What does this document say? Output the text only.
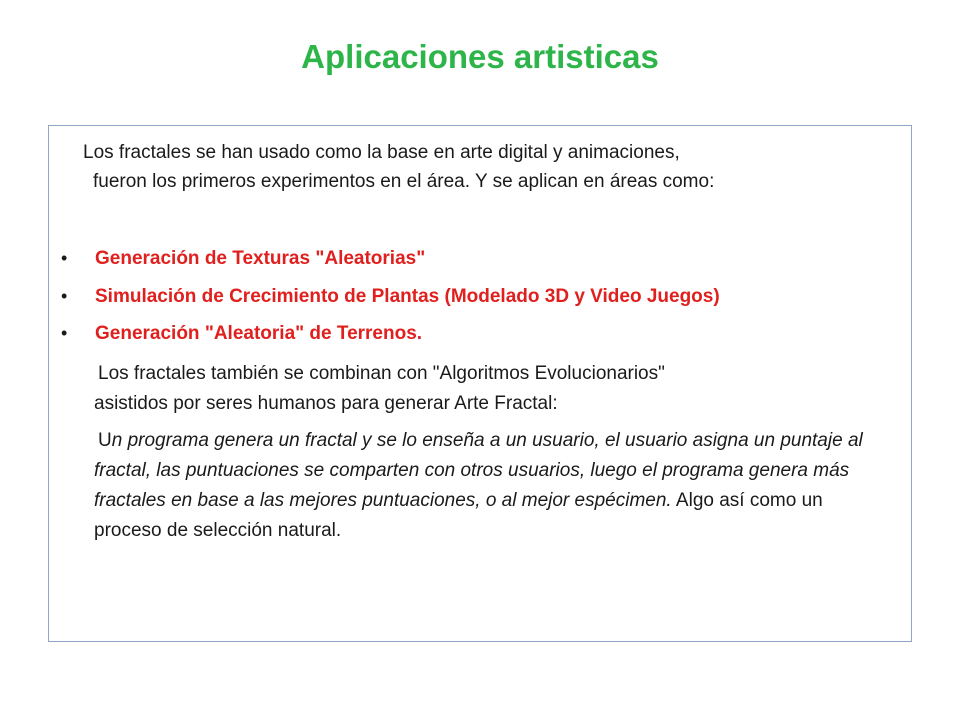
Aplicaciones artisticas

Los fractales se han usado como la base en arte digital y animaciones,
fueron los primeros experimentos en el área. Y se aplican en áreas como:

• Generación de Texturas "Aleatorias"
• Simulación de Crecimiento de Plantas (Modelado 3D y Video Juegos)
• Generación "Aleatoria" de Terrenos.

Los fractales también se combinan con "Algoritmos Evolucionarios"
asistidos por seres humanos para generar Arte Fractal:

Un programa genera un fractal y se lo enseña a un usuario, el usuario asigna un puntaje al fractal, las puntuaciones se comparten con otros usuarios, luego el programa genera más fractales en base a las mejores puntuaciones, o al mejor espécimen. Algo así como un proceso de selección natural.
